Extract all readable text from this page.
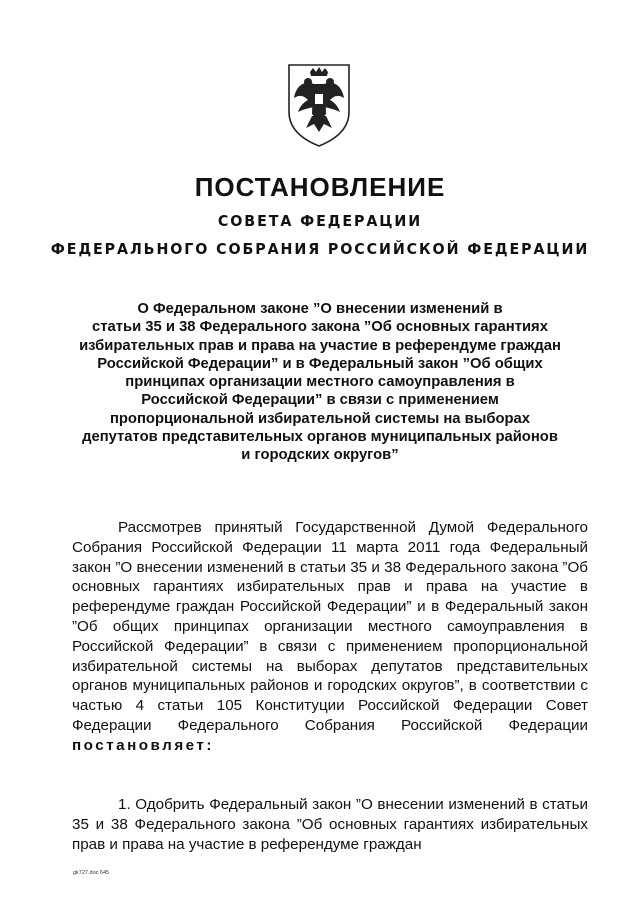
ПОСТАНОВЛЕНИЕ
СОВЕТА ФЕДЕРАЦИИ
ФЕДЕРАЛЬНОГО СОБРАНИЯ РОССИЙСКОЙ ФЕДЕРАЦИИ
О Федеральном законе ”О внесении изменений в
статьи 35 и 38 Федерального закона ”Об основных гарантиях
избирательных прав и права на участие в референдуме граждан
Российской Федерации” и в Федеральный закон ”Об общих
принципах организации местного самоуправления в
Российской Федерации” в связи с применением
пропорциональной избирательной системы на выборах
депутатов представительных органов муниципальных районов
и городских округов”
Рассмотрев принятый Государственной Думой Федерального Собрания Российской Федерации 11 марта 2011 года Федеральный закон ”О внесении изменений в статьи 35 и 38 Федерального закона ”Об основных гарантиях избирательных прав и права на участие в референдуме граждан Российской Федерации” и в Федеральный закон ”Об общих принципах организации местного самоуправления в Российской Федерации” в связи с применением пропорциональной избирательной системы на выборах депутатов представительных органов муниципальных районов и городских округов”, в соответствии с частью 4 статьи 105 Конституции Российской Федерации Совет Федерации Федерального Собрания Российской Федерации постановляет:
1. Одобрить Федеральный закон ”О внесении изменений в статьи 35 и 38 Федерального закона ”Об основных гарантиях избирательных прав и права на участие в референдуме граждан
gk727.doc 645
